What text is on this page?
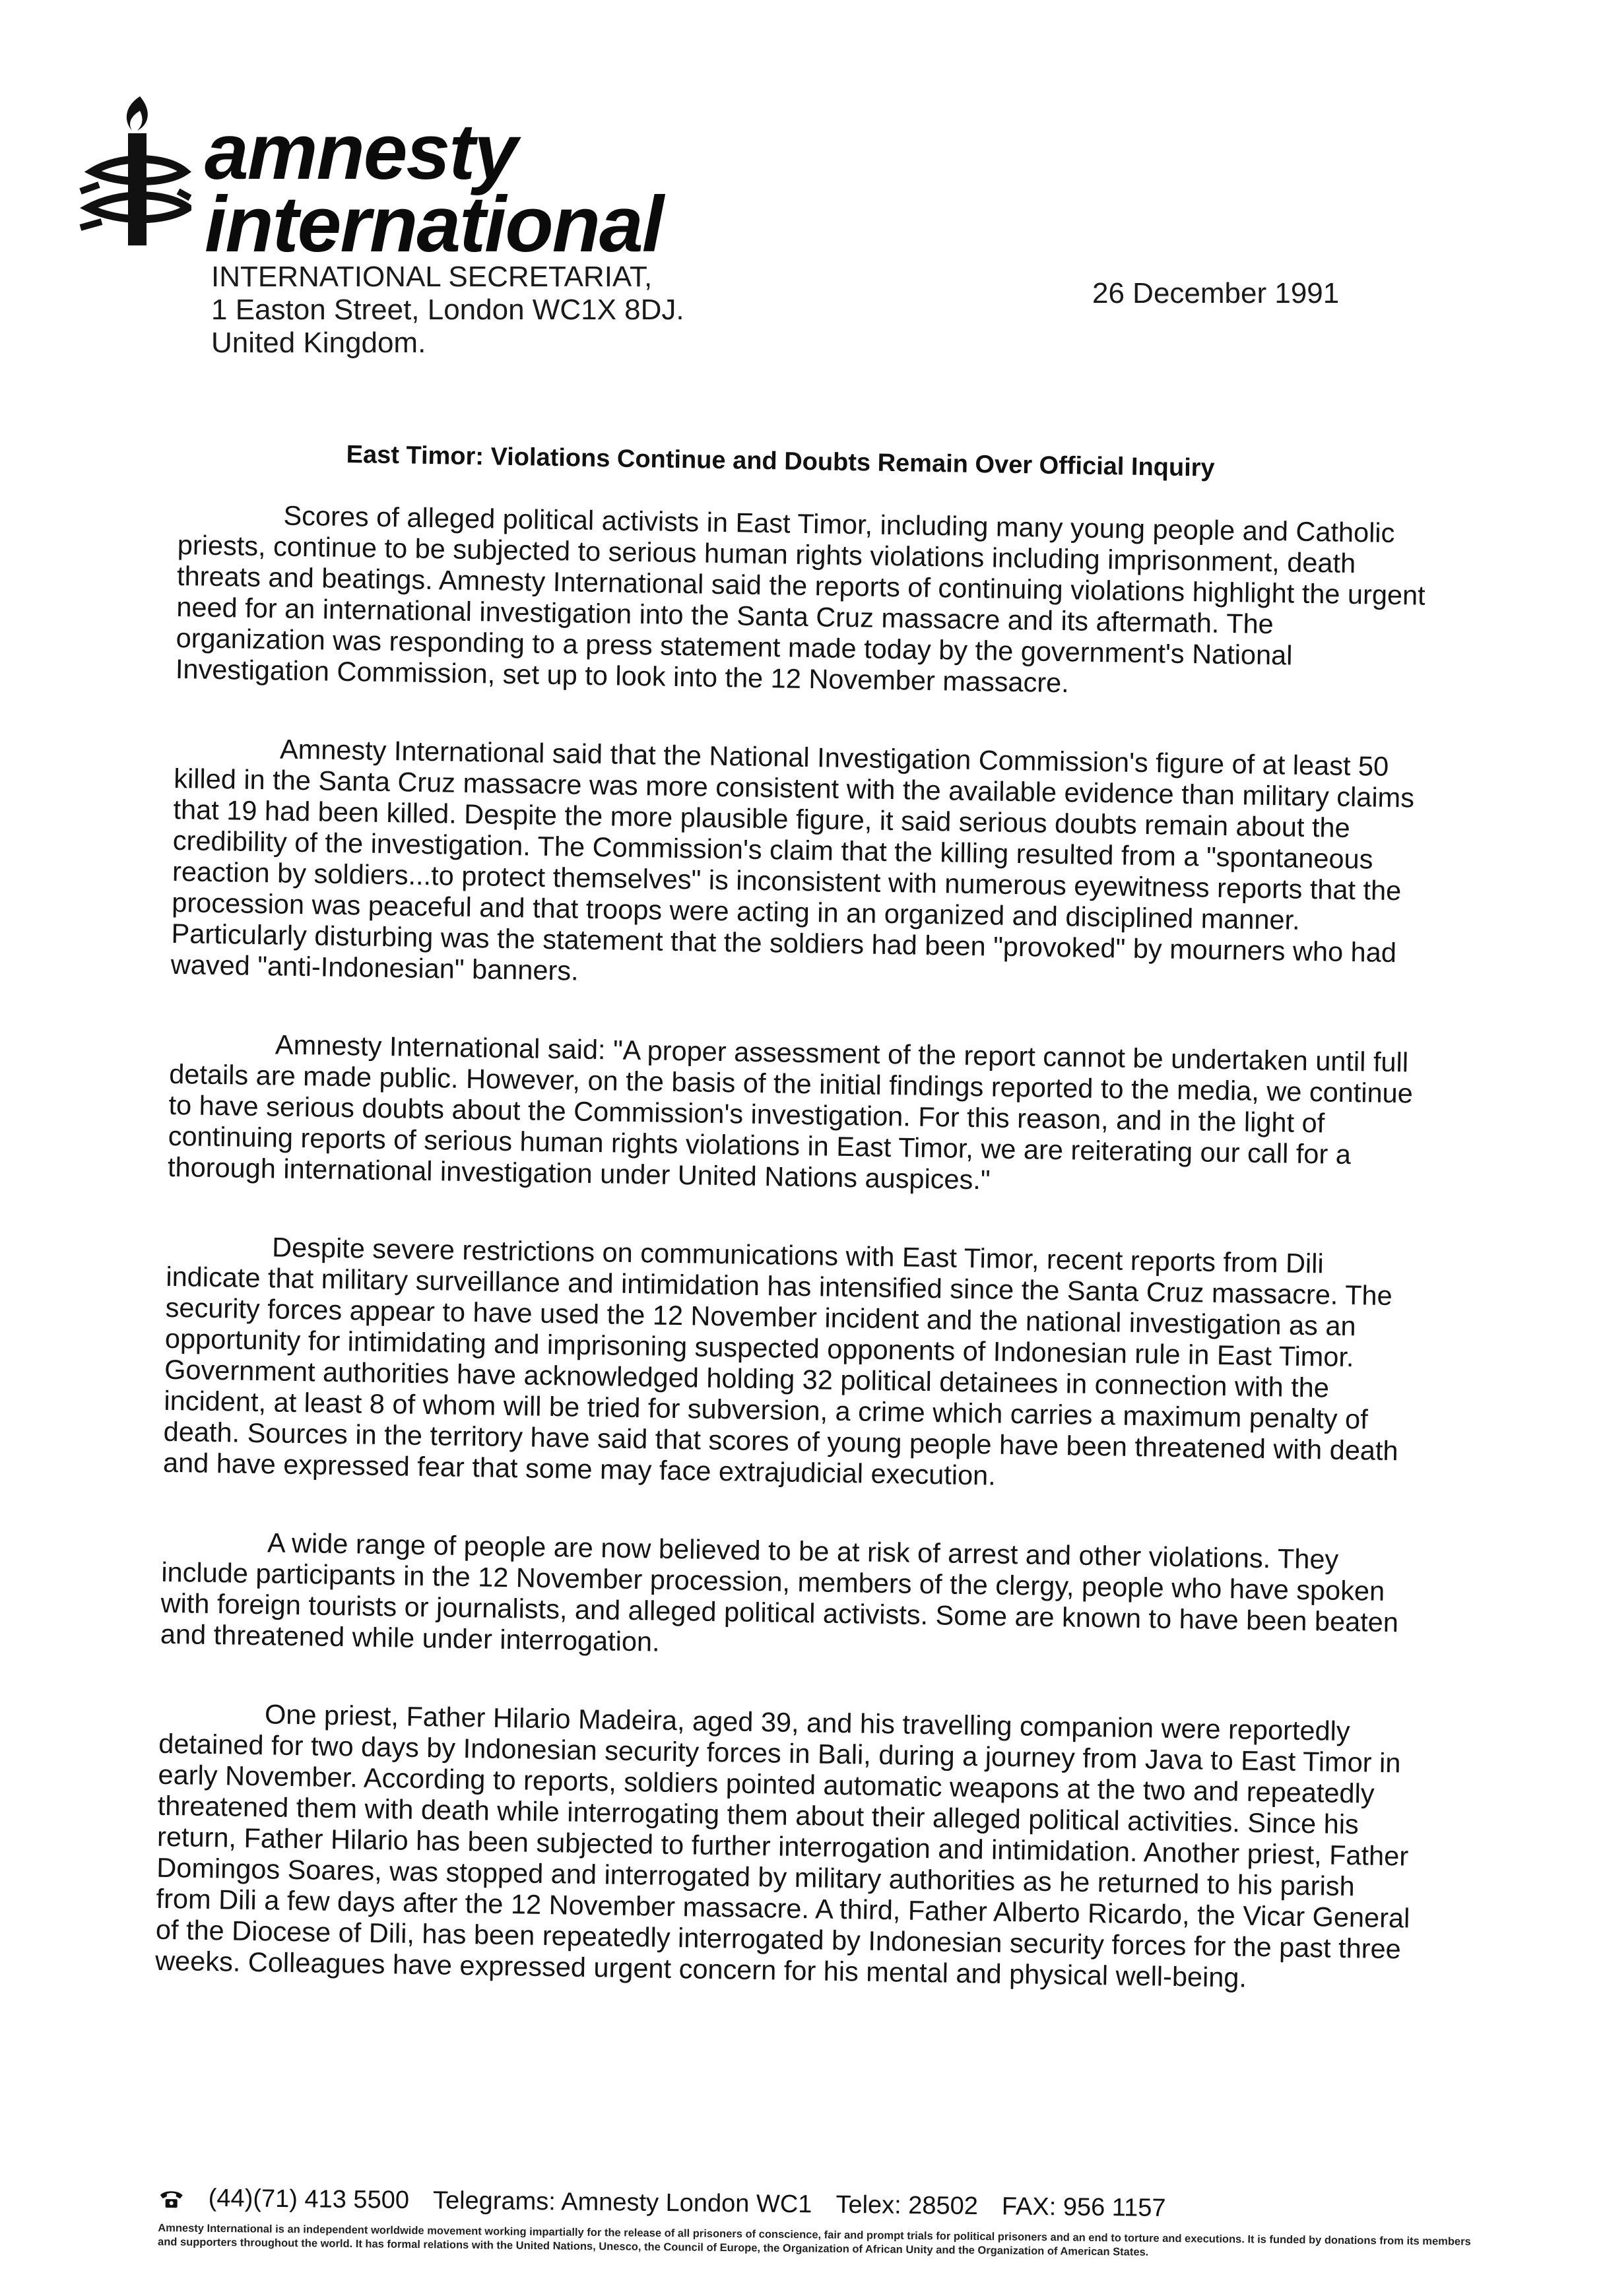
amnesty
international
INTERNATIONAL SECRETARIAT,
1 Easton Street, London WC1X 8DJ.
United Kingdom.
26 December 1991
East Timor: Violations Continue and Doubts Remain Over Official Inquiry

Scores of alleged political activists in East Timor, including many young people and Catholic priests, continue to be subjected to serious human rights violations including imprisonment, death threats and beatings. Amnesty International said the reports of continuing violations highlight the urgent need for an international investigation into the Santa Cruz massacre and its aftermath. The organization was responding to a press statement made today by the government's National Investigation Commission, set up to look into the 12 November massacre.

Amnesty International said that the National Investigation Commission's figure of at least 50 killed in the Santa Cruz massacre was more consistent with the available evidence than military claims that 19 had been killed. Despite the more plausible figure, it said serious doubts remain about the credibility of the investigation. The Commission's claim that the killing resulted from a "spontaneous reaction by soldiers...to protect themselves" is inconsistent with numerous eyewitness reports that the procession was peaceful and that troops were acting in an organized and disciplined manner. Particularly disturbing was the statement that the soldiers had been "provoked" by mourners who had waved "anti-Indonesian" banners.

Amnesty International said: "A proper assessment of the report cannot be undertaken until full details are made public. However, on the basis of the initial findings reported to the media, we continue to have serious doubts about the Commission's investigation. For this reason, and in the light of continuing reports of serious human rights violations in East Timor, we are reiterating our call for a thorough international investigation under United Nations auspices."

Despite severe restrictions on communications with East Timor, recent reports from Dili indicate that military surveillance and intimidation has intensified since the Santa Cruz massacre. The security forces appear to have used the 12 November incident and the national investigation as an opportunity for intimidating and imprisoning suspected opponents of Indonesian rule in East Timor. Government authorities have acknowledged holding 32 political detainees in connection with the incident, at least 8 of whom will be tried for subversion, a crime which carries a maximum penalty of death. Sources in the territory have said that scores of young people have been threatened with death and have expressed fear that some may face extrajudicial execution.

A wide range of people are now believed to be at risk of arrest and other violations. They include participants in the 12 November procession, members of the clergy, people who have spoken with foreign tourists or journalists, and alleged political activists. Some are known to have been beaten and threatened while under interrogation.

One priest, Father Hilario Madeira, aged 39, and his travelling companion were reportedly detained for two days by Indonesian security forces in Bali, during a journey from Java to East Timor in early November. According to reports, soldiers pointed automatic weapons at the two and repeatedly threatened them with death while interrogating them about their alleged political activities. Since his return, Father Hilario has been subjected to further interrogation and intimidation. Another priest, Father Domingos Soares, was stopped and interrogated by military authorities as he returned to his parish from Dili a few days after the 12 November massacre. A third, Father Alberto Ricardo, the Vicar General of the Diocese of Dili, has been repeatedly interrogated by Indonesian security forces for the past three weeks. Colleagues have expressed urgent concern for his mental and physical well-being.

(44)(71) 413 5500 Telegrams: Amnesty London WC1 Telex: 28502 FAX: 956 1157
Amnesty International is an independent worldwide movement working impartially for the release of all prisoners of conscience, fair and prompt trials for political prisoners and an end to torture and executions. It is funded by donations from its members and supporters throughout the world. It has formal relations with the United Nations, Unesco, the Council of Europe, the Organization of African Unity and the Organization of American States.
